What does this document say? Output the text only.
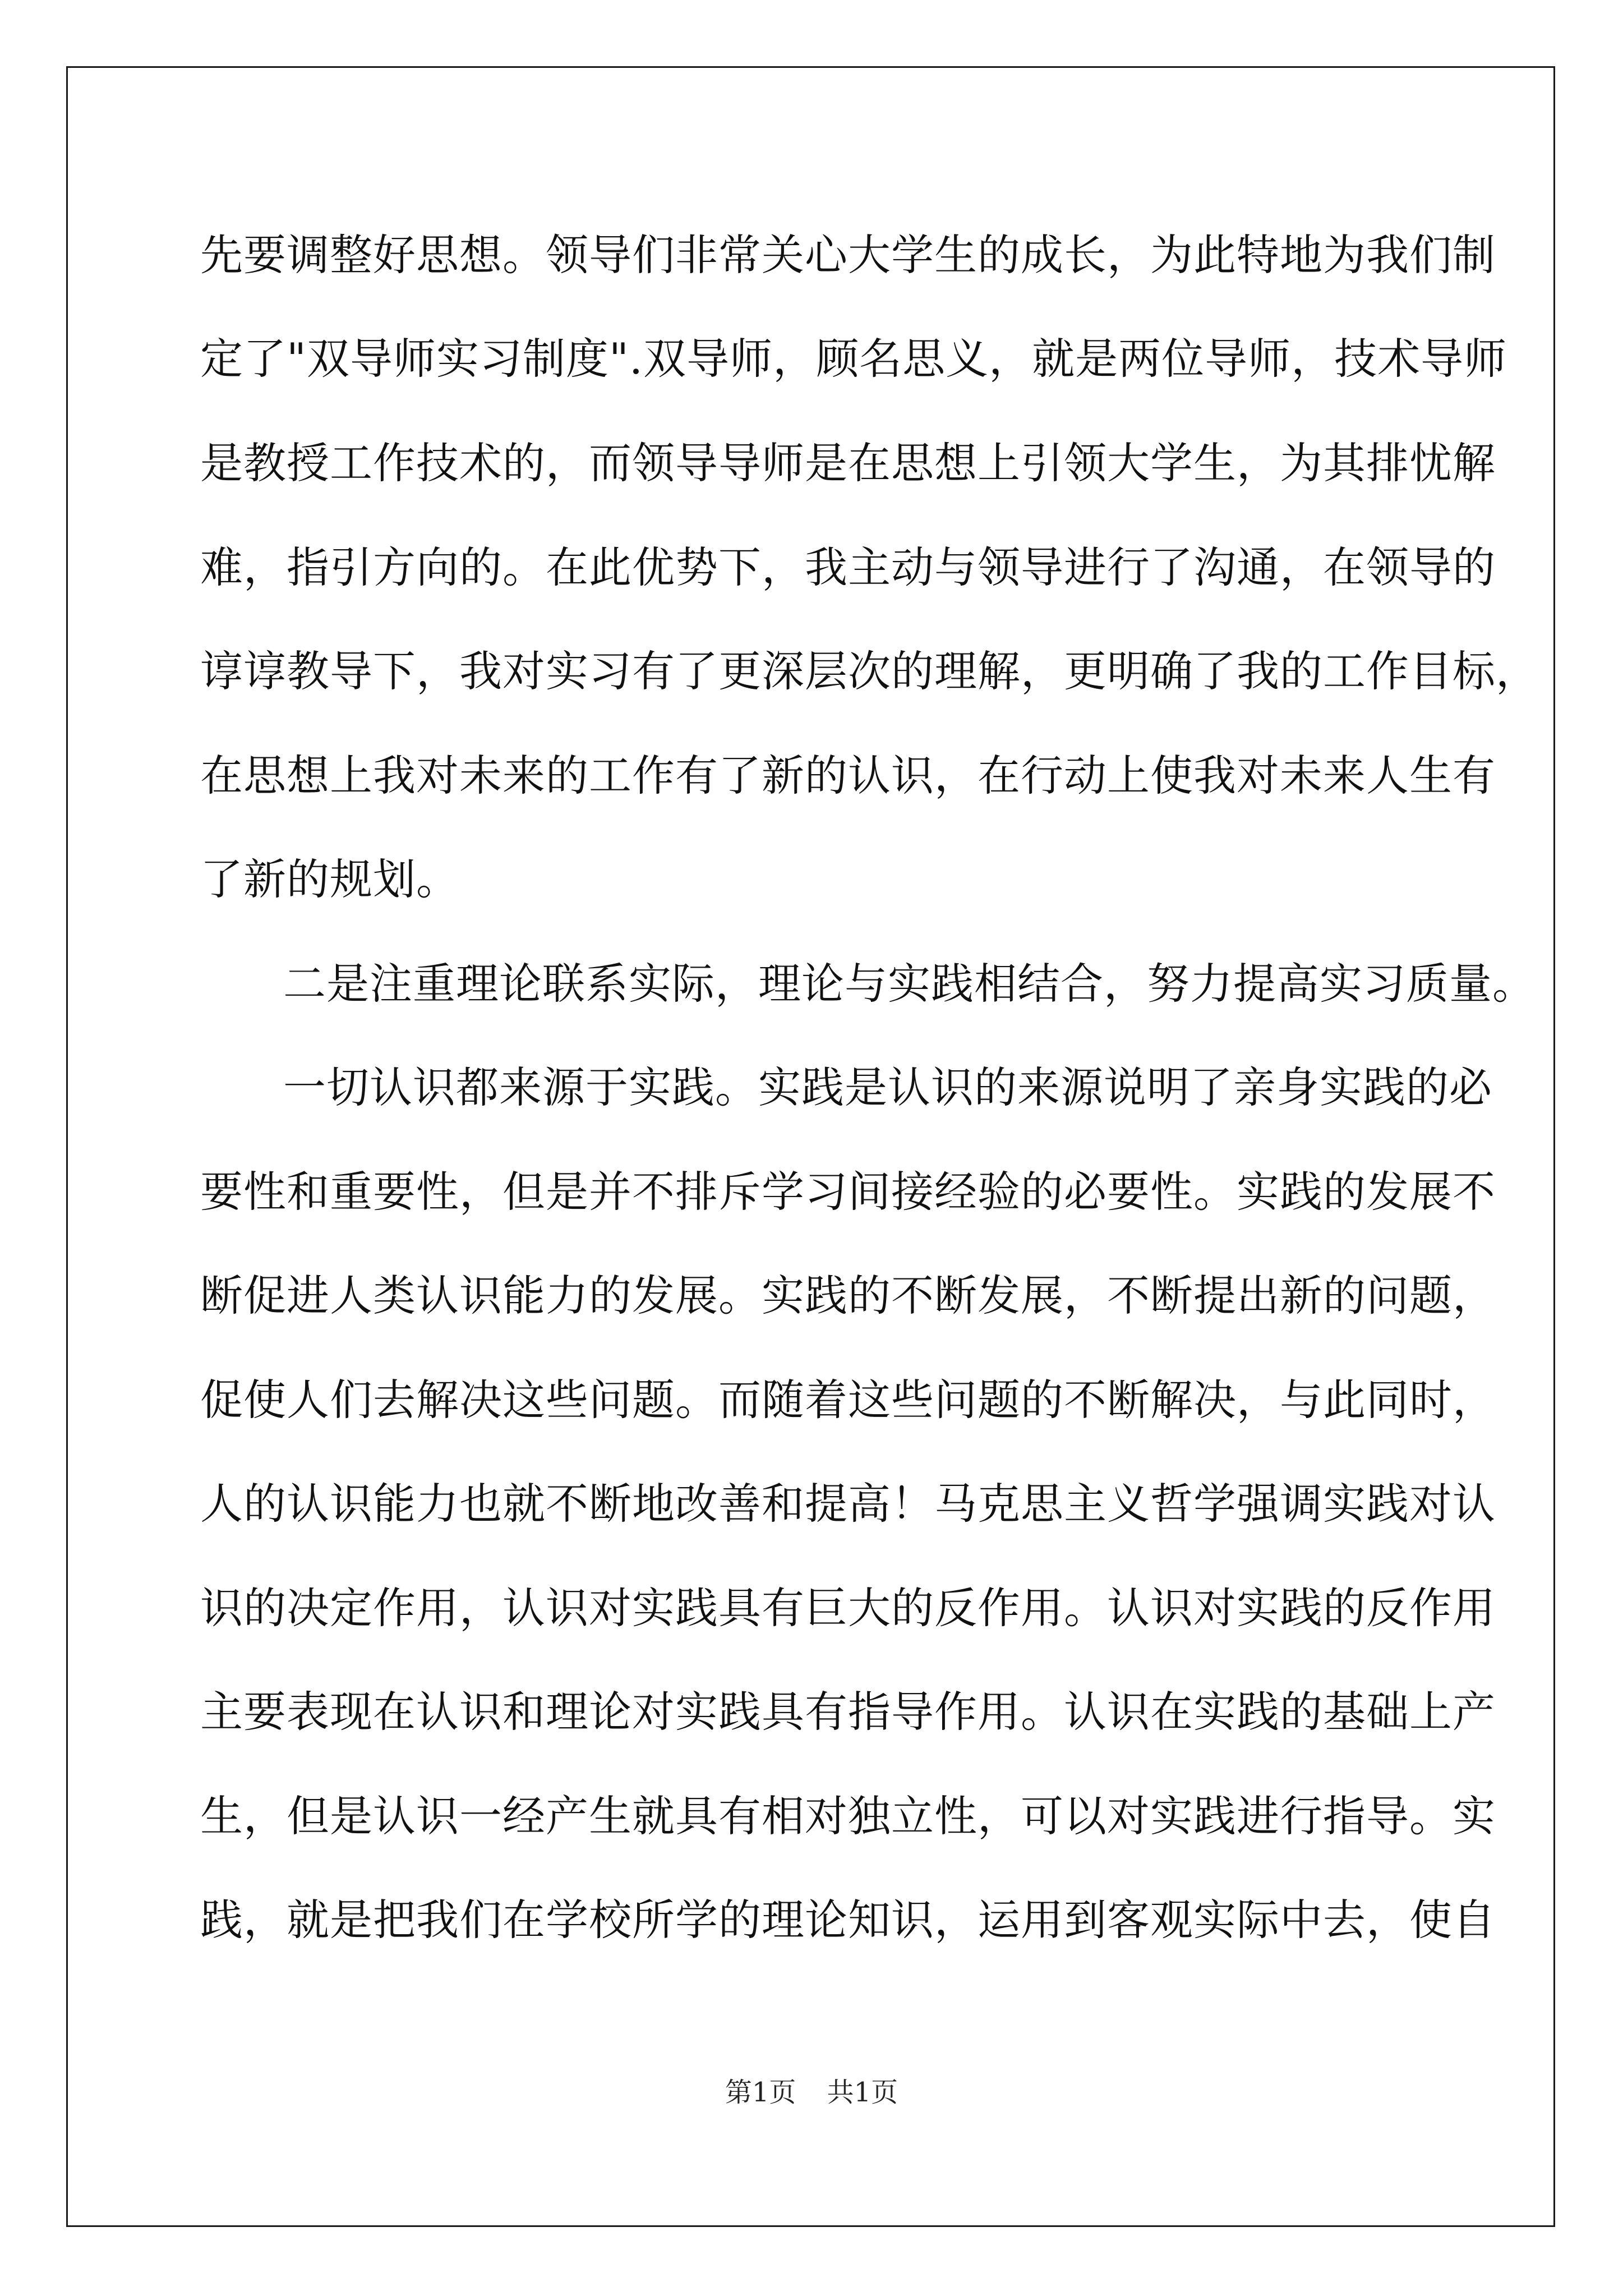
先要调整好思想。领导们非常关心大学生的成长，为此特地为我们制
定了"双导师实习制度".双导师，顾名思义，就是两位导师，技术导师
是教授工作技术的，而领导导师是在思想上引领大学生，为其排忧解
难，指引方向的。在此优势下，我主动与领导进行了沟通，在领导的
谆谆教导下，我对实习有了更深层次的理解，更明确了我的工作目标，
在思想上我对未来的工作有了新的认识，在行动上使我对未来人生有
了新的规划。
二是注重理论联系实际，理论与实践相结合，努力提高实习质量。
一切认识都来源于实践。实践是认识的来源说明了亲身实践的必
要性和重要性，但是并不排斥学习间接经验的必要性。实践的发展不
断促进人类认识能力的发展。实践的不断发展，不断提出新的问题，
促使人们去解决这些问题。而随着这些问题的不断解决，与此同时，
人的认识能力也就不断地改善和提高！马克思主义哲学强调实践对认
识的决定作用，认识对实践具有巨大的反作用。认识对实践的反作用
主要表现在认识和理论对实践具有指导作用。认识在实践的基础上产
生，但是认识一经产生就具有相对独立性，可以对实践进行指导。实
践，就是把我们在学校所学的理论知识，运用到客观实际中去，使自
第1页 共1页
